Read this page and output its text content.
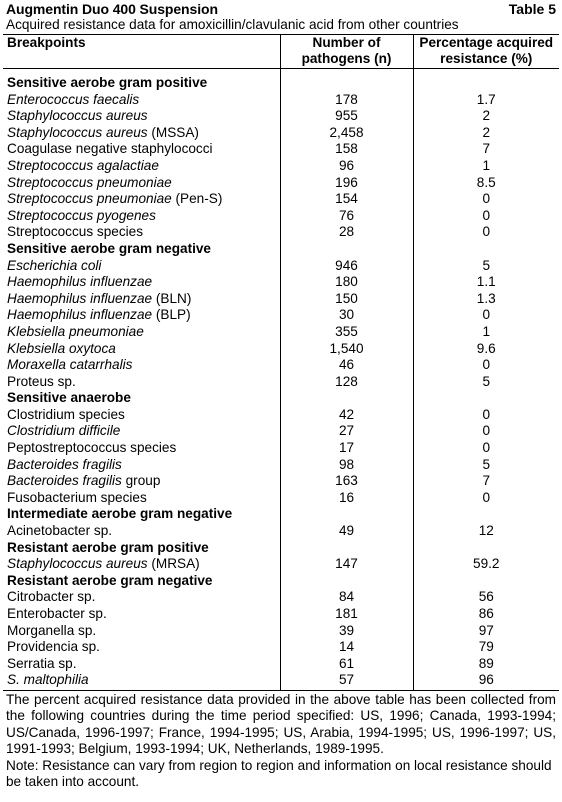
Augmentin Duo 400 Suspension	Table 5
Acquired resistance data for amoxicillin/clavulanic acid from other countries
Breakpoints	Number of pathogens (n)	Percentage acquired resistance (%)
Sensitive aerobe gram positive		
Enterococcus faecalis	178	1.7
Staphylococcus aureus	955	2
Staphylococcus aureus (MSSA)	2,458	2
Coagulase negative staphylococci	158	7
Streptococcus agalactiae	96	1
Streptococcus pneumoniae	196	8.5
Streptococcus pneumoniae (Pen-S)	154	0
Streptococcus pyogenes	76	0
Streptococcus species	28	0
Sensitive aerobe gram negative		
Escherichia coli	946	5
Haemophilus influenzae	180	1.1
Haemophilus influenzae (BLN)	150	1.3
Haemophilus influenzae (BLP)	30	0
Klebsiella pneumoniae	355	1
Klebsiella oxytoca	1,540	9.6
Moraxella catarrhalis	46	0
Proteus sp.	128	5
Sensitive anaerobe		
Clostridium species	42	0
Clostridium difficile	27	0
Peptostreptococcus species	17	0
Bacteroides fragilis	98	5
Bacteroides fragilis group	163	7
Fusobacterium species	16	0
Intermediate aerobe gram negative		
Acinetobacter sp.	49	12
Resistant aerobe gram positive		
Staphylococcus aureus (MRSA)	147	59.2
Resistant aerobe gram negative		
Citrobacter sp.	84	56
Enterobacter sp.	181	86
Morganella sp.	39	97
Providencia sp.	14	79
Serratia sp.	61	89
S. maltophilia	57	96
The percent acquired resistance data provided in the above table has been collected from the following countries during the time period specified: US, 1996; Canada, 1993-1994; US/Canada, 1996-1997; France, 1994-1995; US, Arabia, 1994-1995; US, 1996-1997; US, 1991-1993; Belgium, 1993-1994; UK, Netherlands, 1989-1995.
Note: Resistance can vary from region to region and information on local resistance should be taken into account.
